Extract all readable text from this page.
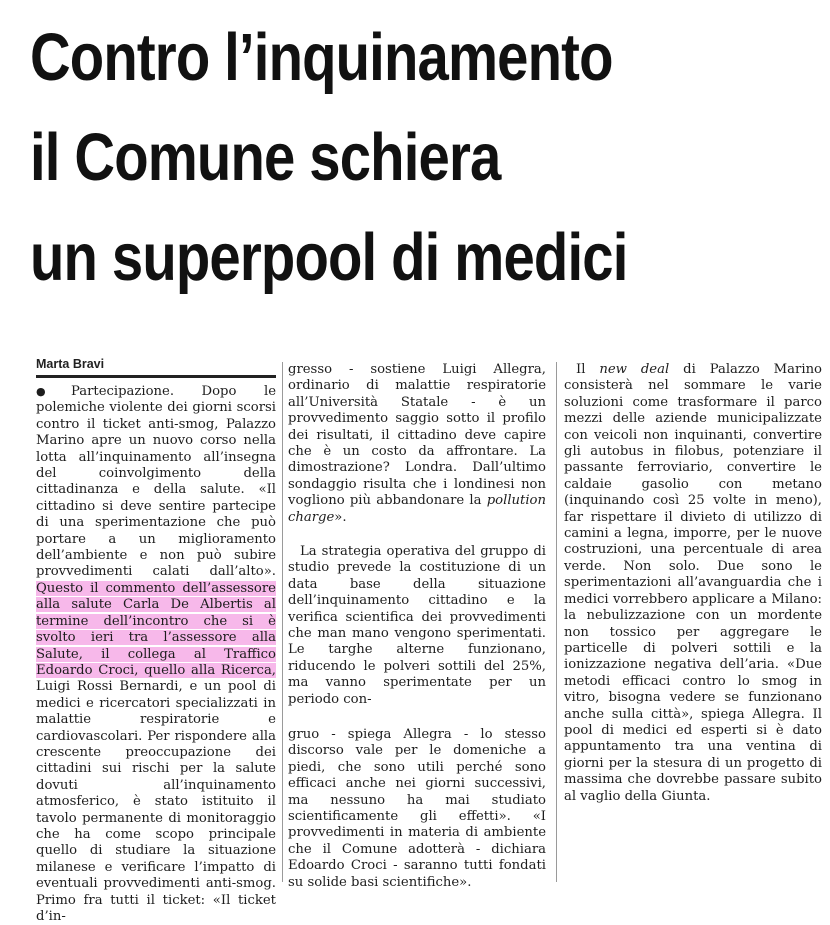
Contro l’inquinamento
il Comune schiera
un superpool di medici
Marta Bravi

● Partecipazione. Dopo le polemiche violente dei giorni scorsi contro il ticket anti-smog, Palazzo Marino apre un nuovo corso nella lotta all’inquinamento all’insegna del coinvolgimento della cittadinanza e della salute. «Il cittadino si deve sentire partecipe di una sperimentazione che può portare a un miglioramento dell’ambiente e non può subire provvedimenti calati dall’alto». Questo il commento dell’assessore alla salute Carla De Albertis al termine dell’incontro che si è svolto ieri tra l’assessore alla Salute, il collega al Traffico Edoardo Croci, quello alla Ricerca, Luigi Rossi Bernardi, e un pool di medici e ricercatori specializzati in malattie respiratorie e cardiovascolari. Per rispondere alla crescente preoccupazione dei cittadini sui rischi per la salute dovuti all’inquinamento atmosferico, è stato istituito il tavolo permanente di monitoraggio che ha come scopo principale quello di studiare la situazione milanese e verificare l’impatto di eventuali provvedimenti anti-smog. Primo fra tutti il ticket: «Il ticket d’in-

gresso - sostiene Luigi Allegra, ordinario di malattie respiratorie all’Università Statale - è un provvedimento saggio sotto il profilo dei risultati, il cittadino deve capire che è un costo da affrontare. La dimostrazione? Londra. Dall’ultimo sondaggio risulta che i londinesi non vogliono più abbandonare la pollution charge».

La strategia operativa del gruppo di studio prevede la costituzione di un data base della situazione dell’inquinamento cittadino e la verifica scientifica dei provvedimenti che man mano vengono sperimentati. Le targhe alterne funzionano, riducendo le polveri sottili del 25%, ma vanno sperimentate per un periodo con-

gruo - spiega Allegra - lo stesso discorso vale per le domeniche a piedi, che sono utili perché sono efficaci anche nei giorni successivi, ma nessuno ha mai studiato scientificamente gli effetti». «I provvedimenti in materia di ambiente che il Comune adotterà - dichiara Edoardo Croci - saranno tutti fondati su solide basi scientifiche».

Il new deal di Palazzo Marino consisterà nel sommare le varie soluzioni come trasformare il parco mezzi delle aziende municipalizzate con veicoli non inquinanti, convertire gli autobus in filobus, potenziare il passante ferroviario, convertire le caldaie gasolio con metano (inquinando così 25 volte in meno), far rispettare il divieto di utilizzo di camini a legna, imporre, per le nuove costruzioni, una percentuale di area verde. Non solo. Due sono le sperimentazioni all’avanguardia che i medici vorrebbero applicare a Milano: la nebulizzazione con un mordente non tossico per aggregare le particelle di polveri sottili e la ionizzazione negativa dell’aria. «Due metodi efficaci contro lo smog in vitro, bisogna vedere se funzionano anche sulla città», spiega Allegra. Il pool di medici ed esperti si è dato appuntamento tra una ventina di giorni per la stesura di un progetto di massima che dovrebbe passare subito al vaglio della Giunta.
